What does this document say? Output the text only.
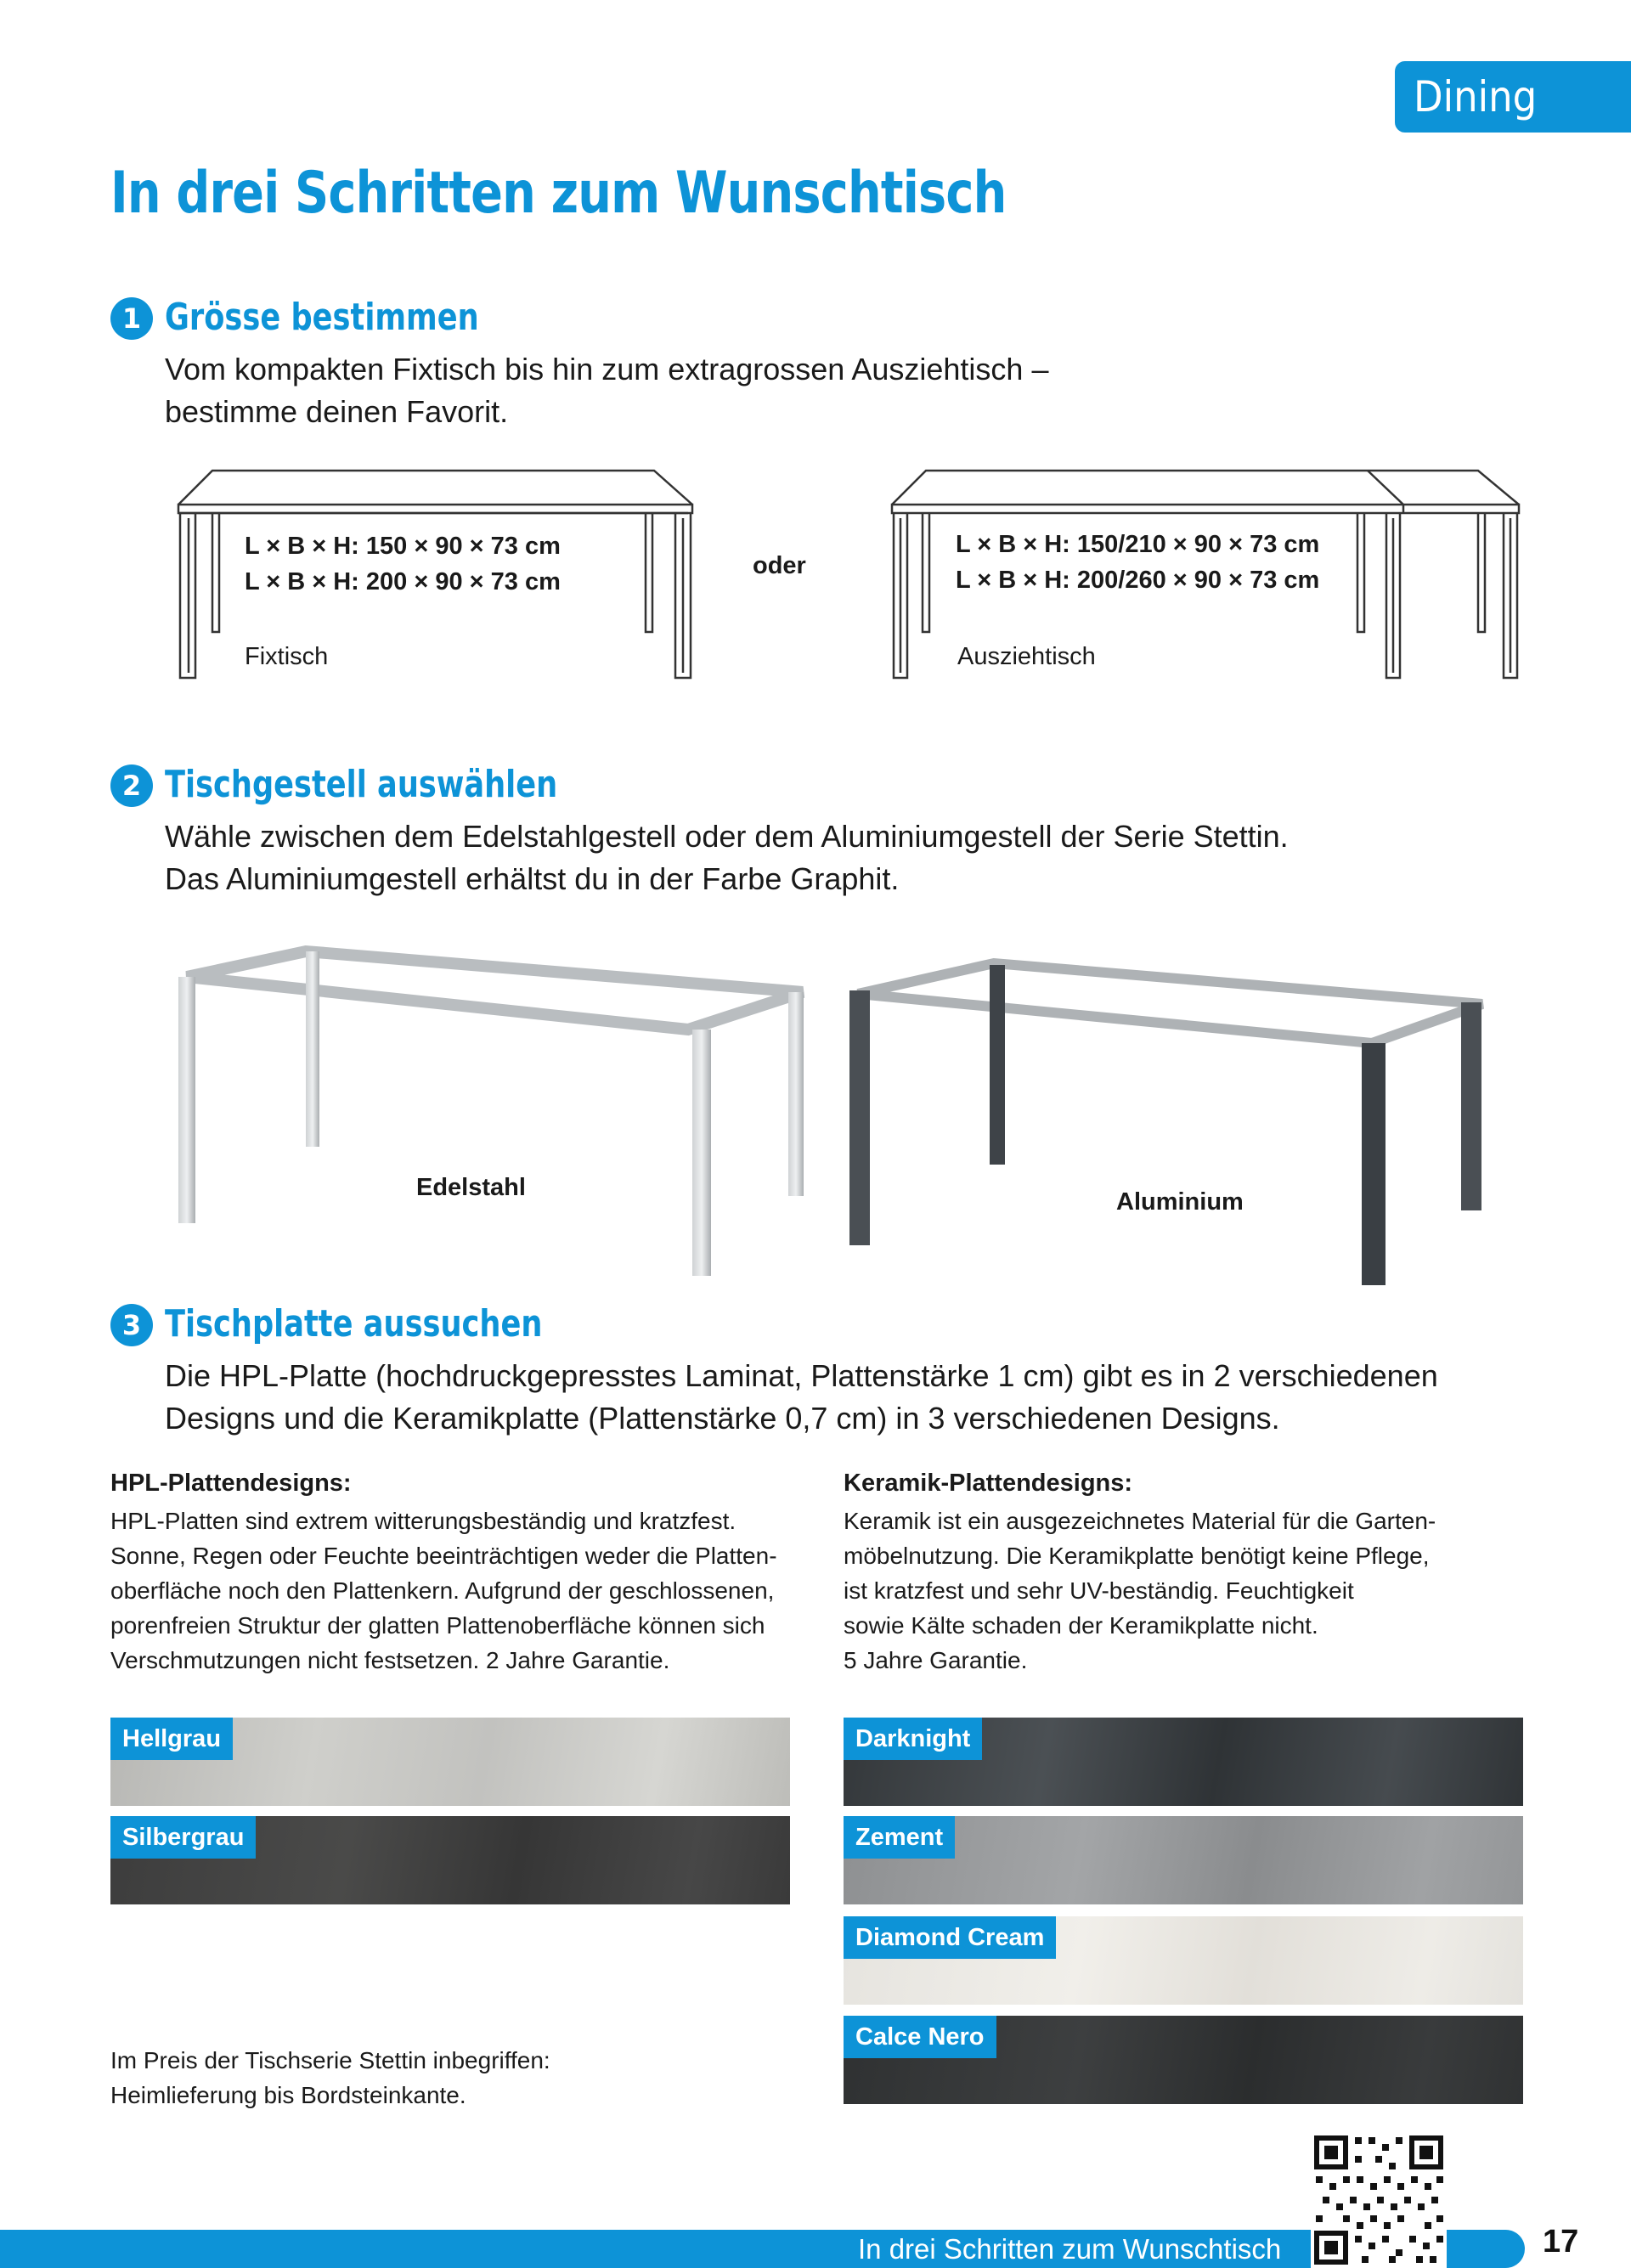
Dining
In drei Schritten zum Wunschtisch
1 Grösse bestimmen
Vom kompakten Fixtisch bis hin zum extragrossen Ausziehtisch –
bestimme deinen Favorit.
L × B × H: 150 × 90 × 73 cm
L × B × H: 200 × 90 × 73 cm
Fixtisch
oder
L × B × H: 150/210 × 90 × 73 cm
L × B × H: 200/260 × 90 × 73 cm
Ausziehtisch
2 Tischgestell auswählen
Wähle zwischen dem Edelstahlgestell oder dem Aluminiumgestell der Serie Stettin.
Das Aluminiumgestell erhältst du in der Farbe Graphit.
Edelstahl
Aluminium
3 Tischplatte aussuchen
Die HPL-Platte (hochdruckgepresstes Laminat, Plattenstärke 1 cm) gibt es in 2 verschiedenen
Designs und die Keramikplatte (Plattenstärke 0,7 cm) in 3 verschiedenen Designs.
HPL-Plattendesigns:
HPL-Platten sind extrem witterungsbeständig und kratzfest.
Sonne, Regen oder Feuchte beeinträchtigen weder die Platten-
oberfläche noch den Plattenkern. Aufgrund der geschlossenen,
porenfreien Struktur der glatten Plattenoberfläche können sich
Verschmutzungen nicht festsetzen. 2 Jahre Garantie.
Keramik-Plattendesigns:
Keramik ist ein ausgezeichnetes Material für die Garten-
möbelnutzung. Die Keramikplatte benötigt keine Pflege,
ist kratzfest und sehr UV-beständig. Feuchtigkeit
sowie Kälte schaden der Keramikplatte nicht.
5 Jahre Garantie.
Hellgrau
Silbergrau
Darknight
Zement
Diamond Cream
Calce Nero
Im Preis der Tischserie Stettin inbegriffen:
Heimlieferung bis Bordsteinkante.
In drei Schritten zum Wunschtisch	17
